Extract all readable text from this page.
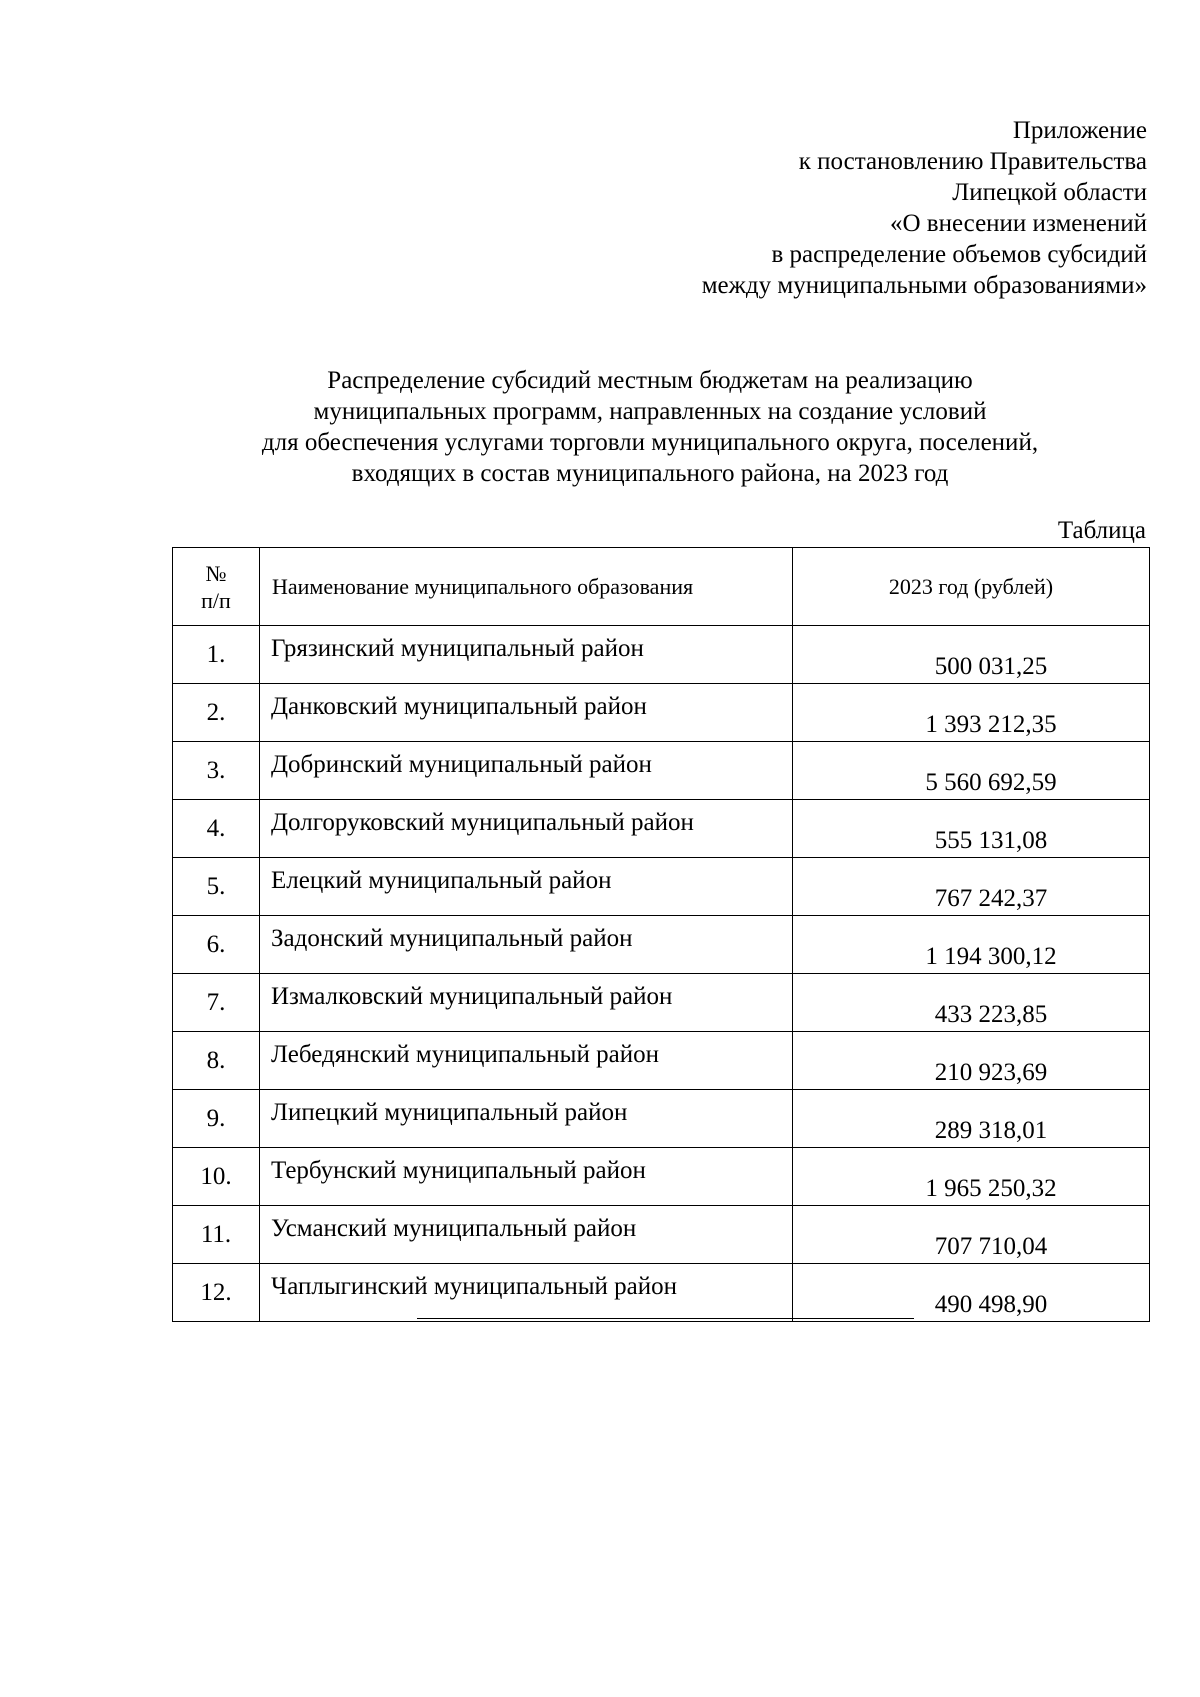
Приложение
к постановлению Правительства
Липецкой области
«О внесении изменений
в распределение объемов субсидий
между муниципальными образованиями»
Распределение субсидий местным бюджетам на реализацию
муниципальных программ, направленных на создание условий
для обеспечения услугами торговли муниципального округа, поселений,
входящих в состав муниципального района, на 2023 год
Таблица
№
п/п	Наименование муниципального образования	2023 год (рублей)
1.	Грязинский муниципальный район	500 031,25
2.	Данковский муниципальный район	1 393 212,35
3.	Добринский муниципальный район	5 560 692,59
4.	Долгоруковский муниципальный район	555 131,08
5.	Елецкий муниципальный район	767 242,37
6.	Задонский муниципальный район	1 194 300,12
7.	Измалковский муниципальный район	433 223,85
8.	Лебедянский муниципальный район	210 923,69
9.	Липецкий муниципальный район	289 318,01
10.	Тербунский муниципальный район	1 965 250,32
11.	Усманский муниципальный район	707 710,04
12.	Чаплыгинский муниципальный район	490 498,90
